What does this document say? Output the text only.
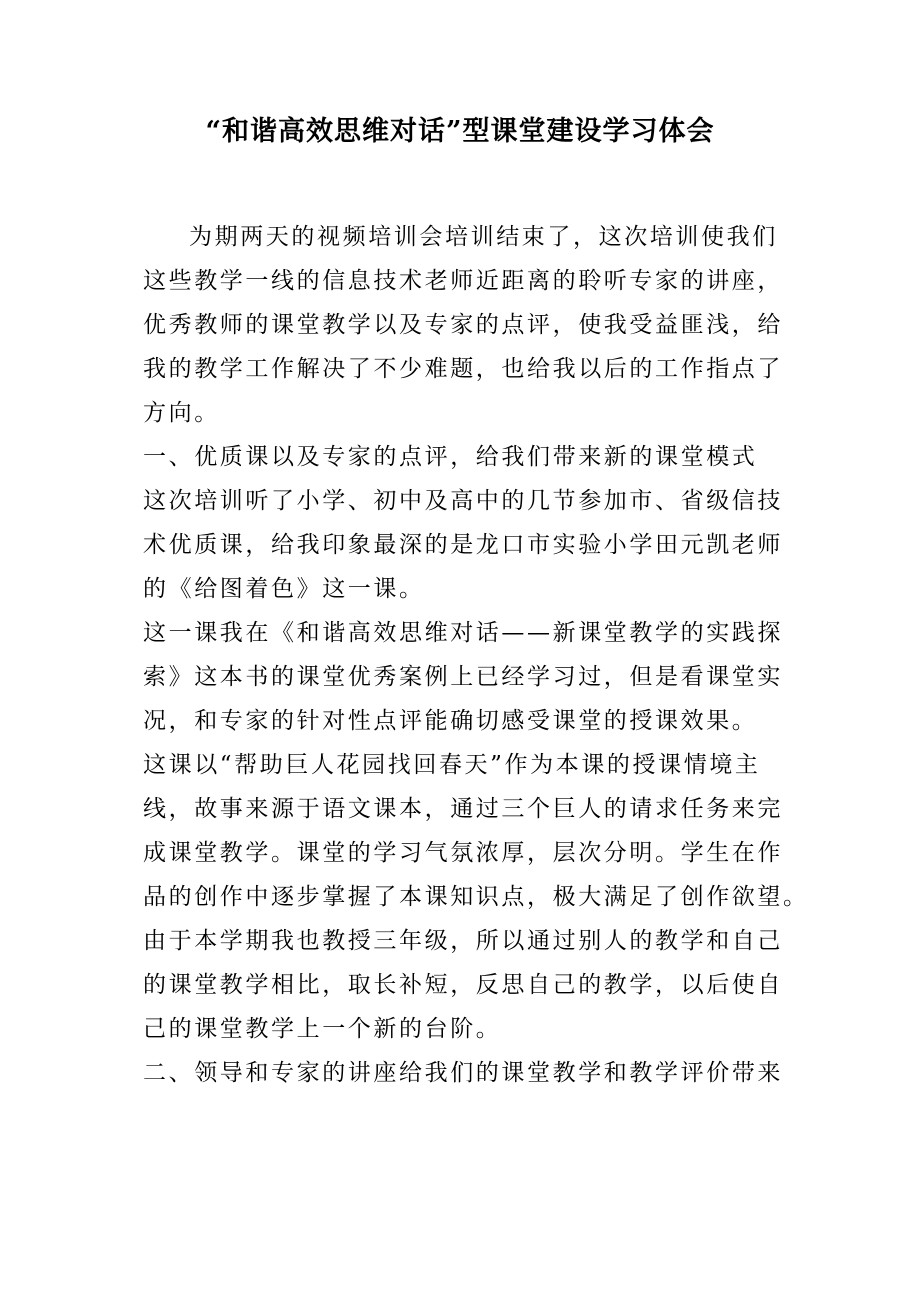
“和谐高效思维对话”型课堂建设学习体会
为期两天的视频培训会培训结束了，这次培训使我们
这些教学一线的信息技术老师近距离的聆听专家的讲座，
优秀教师的课堂教学以及专家的点评，使我受益匪浅，给
我的教学工作解决了不少难题，也给我以后的工作指点了
方向。
一、优质课以及专家的点评，给我们带来新的课堂模式
这次培训听了小学、初中及高中的几节参加市、省级信技
术优质课，给我印象最深的是龙口市实验小学田元凯老师
的《给图着色》这一课。
这一课我在《和谐高效思维对话——新课堂教学的实践探
索》这本书的课堂优秀案例上已经学习过，但是看课堂实
况，和专家的针对性点评能确切感受课堂的授课效果。
这课以“帮助巨人花园找回春天”作为本课的授课情境主
线，故事来源于语文课本，通过三个巨人的请求任务来完
成课堂教学。课堂的学习气氛浓厚，层次分明。学生在作
品的创作中逐步掌握了本课知识点，极大满足了创作欲望。
由于本学期我也教授三年级，所以通过别人的教学和自己
的课堂教学相比，取长补短，反思自己的教学，以后使自
己的课堂教学上一个新的台阶。
二、领导和专家的讲座给我们的课堂教学和教学评价带来
